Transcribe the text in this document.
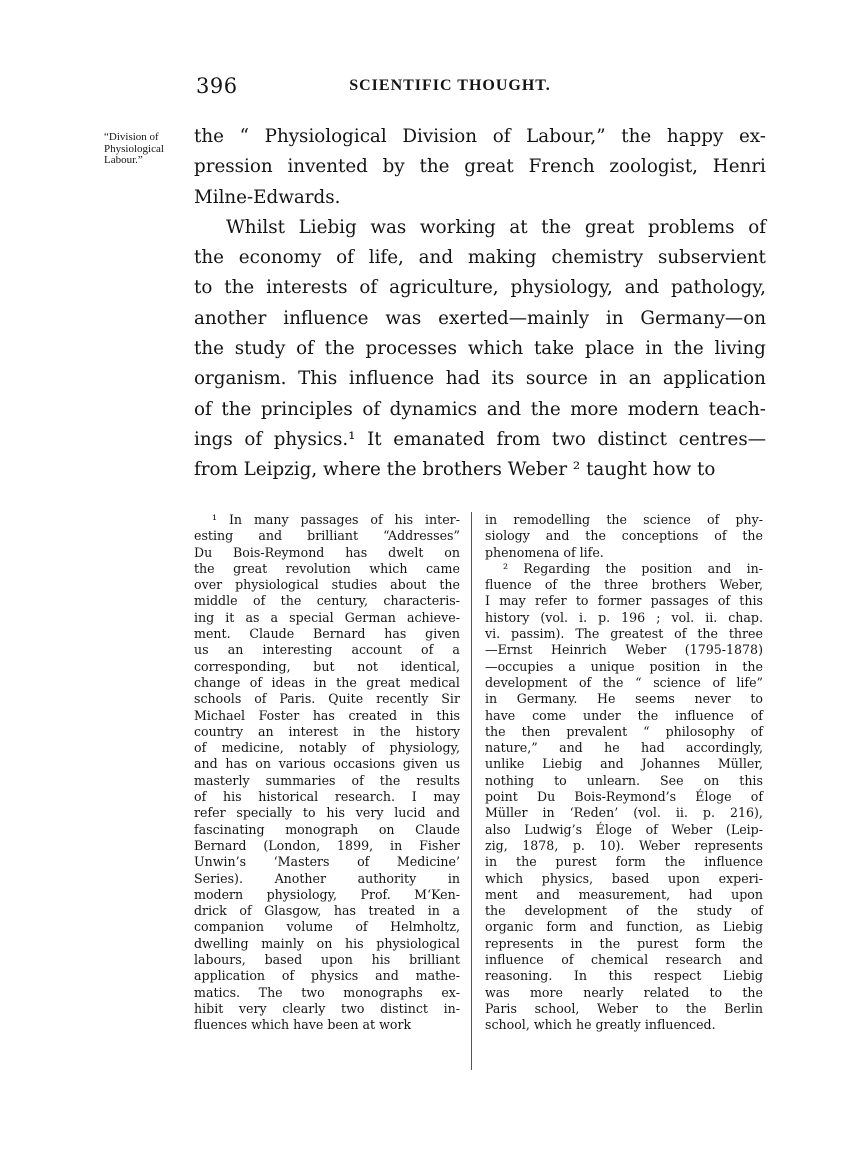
396	SCIENTIFIC THOUGHT.
“Division of Physiological Labour.”
the “ Physiological Division of Labour,” the happy ex-
pression invented by the great French zoologist, Henri
Milne-Edwards.
Whilst Liebig was working at the great problems of
the economy of life, and making chemistry subservient
to the interests of agriculture, physiology, and pathology,
another influence was exerted—mainly in Germany—on
the study of the processes which take place in the living
organism. This influence had its source in an application
of the principles of dynamics and the more modern teach-
ings of physics.¹ It emanated from two distinct centres—
from
Leipzig,
where
the
brothers
Weber
²
taught
how
to
¹ In many passages of his inter-
esting and brilliant “Addresses”
Du Bois-Reymond has dwelt on
the great revolution which came
over physiological studies about the
middle of the century, characteris-
ing it as a special German achieve-
ment. Claude Bernard has given
us an interesting account of a
corresponding, but not identical,
change of ideas in the great medical
schools of Paris. Quite recently Sir
Michael Foster has created in this
country an interest in the history
of medicine, notably of physiology,
and has on various occasions given us
masterly summaries of the results
of his historical research. I may
refer specially to his very lucid and
fascinating monograph on Claude
Bernard (London, 1899, in Fisher
Unwin’s ‘Masters of Medicine’
Series).	Another	authority	in
modern physiology, Prof. M‘Ken-
drick of Glasgow, has treated in a
companion volume of Helmholtz,
dwelling mainly on his physiological
labours, based upon his brilliant
application of physics and mathe-
matics. The two monographs ex-
hibit very clearly two distinct in-
fluences
which
have
been
at
work
in remodelling the science of phy-
siology and the conceptions of the
phenomena
of
life.
² Regarding the position and in-
fluence of the three brothers Weber,
I may refer to former passages of this
history (vol. i. p. 196 ; vol. ii. chap.
vi. passim). The greatest of the three
—Ernst Heinrich Weber (1795-1878)
—occupies a unique position in the
development of the “ science of life”
in Germany. He seems never to
have come under the influence of
the then prevalent “ philosophy of
nature,” and he had accordingly,
unlike Liebig and Johannes Müller,
nothing to unlearn. See on this
point Du Bois-Reymond’s Éloge of
Müller in ‘Reden’ (vol. ii. p. 216),
also Ludwig’s Éloge of Weber (Leip-
zig, 1878, p. 10). Weber represents
in the purest form the influence
which physics, based upon experi-
ment and measurement, had upon
the development of the study of
organic form and function, as Liebig
represents in the purest form the
influence of chemical research and
reasoning. In this respect Liebig
was more nearly related to the
Paris school, Weber to the Berlin
school,
which
he
greatly
influenced.
